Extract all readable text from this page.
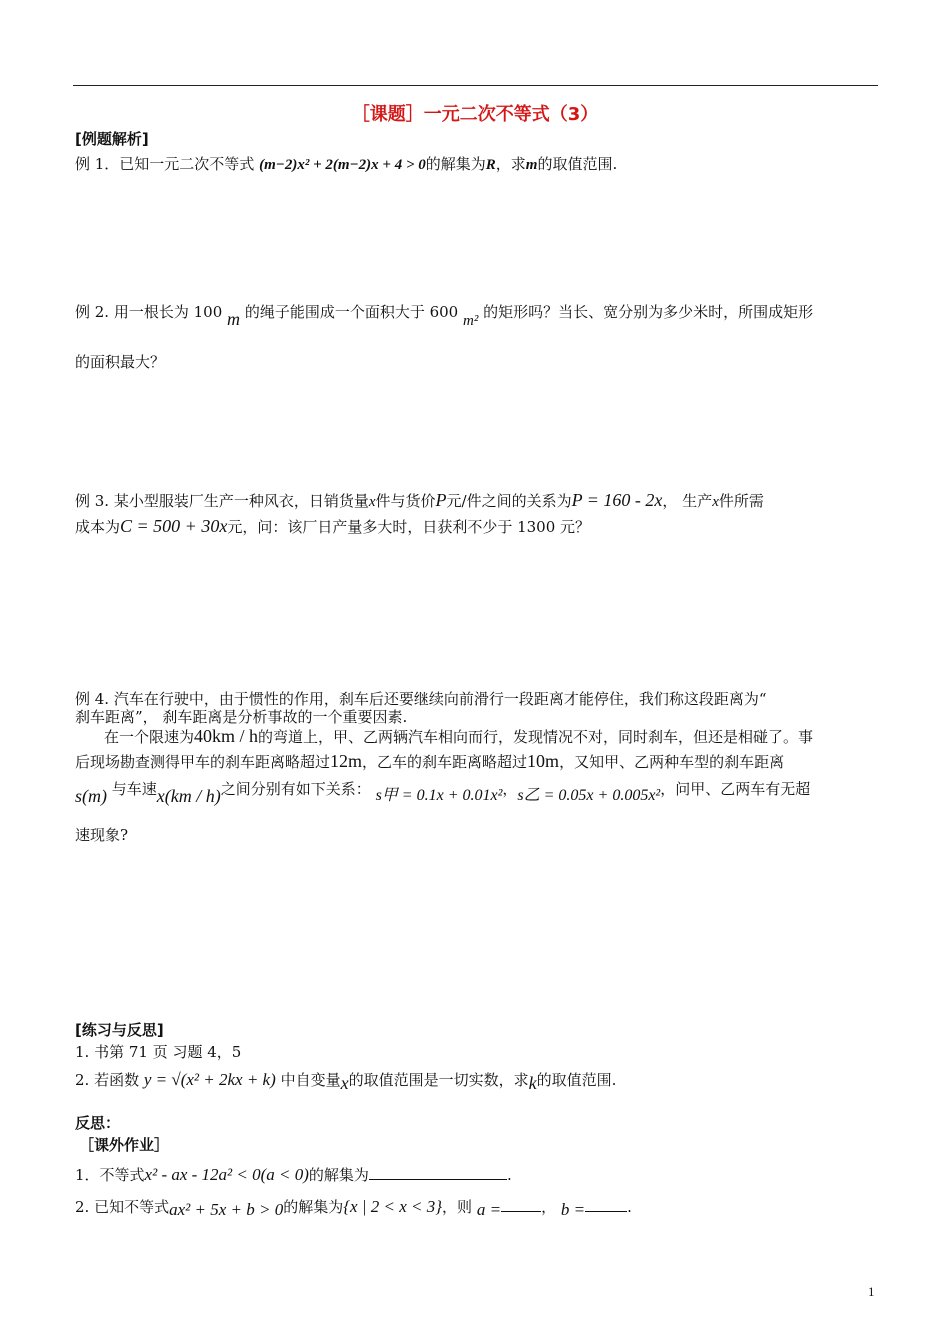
［课题］一元二次不等式（3）
[例题解析]
例 1．已知一元二次不等式 (m−2)x² + 2(m−2)x + 4 > 0的解集为R，求m的取值范围.
例 2. 用一根长为 100 m 的绳子能围成一个面积大于 600 m² 的矩形吗？当长、宽分别为多少米时，所围成矩形
的面积最大？
例 3. 某小型服装厂生产一种风衣，日销货量x件与货价P元/件之间的关系为P = 160 - 2x， 生产x件所需
成本为C = 500 + 30x元，问：该厂日产量多大时，日获利不少于 1300 元？
例 4. 汽车在行驶中，由于惯性的作用，刹车后还要继续向前滑行一段距离才能停住，我们称这段距离为“
刹车距离”， 刹车距离是分析事故的一个重要因素.
在一个限速为40km / h的弯道上，甲、乙两辆汽车相向而行，发现情况不对，同时刹车，但还是相碰了。事
后现场勘查测得甲车的刹车距离略超过12m，乙车的刹车距离略超过10m，又知甲、乙两种车型的刹车距离
s(m) 与车速x(km / h)之间分别有如下关系： s甲 = 0.1x + 0.01x²，s乙 = 0.05x + 0.005x²，问甲、乙两车有无超
速现象?
[练习与反思]
1. 书第 71 页 习题 4，5
2. 若函数 y = √(x² + 2kx + k) 中自变量x的取值范围是一切实数，求k的取值范围.
反思：
［课外作业］
1．不等式x² - ax - 12a² < 0(a < 0)的解集为	.
2. 已知不等式ax² + 5x + b > 0的解集为{x | 2 < x < 3}，则 a =	， b =	.
1
